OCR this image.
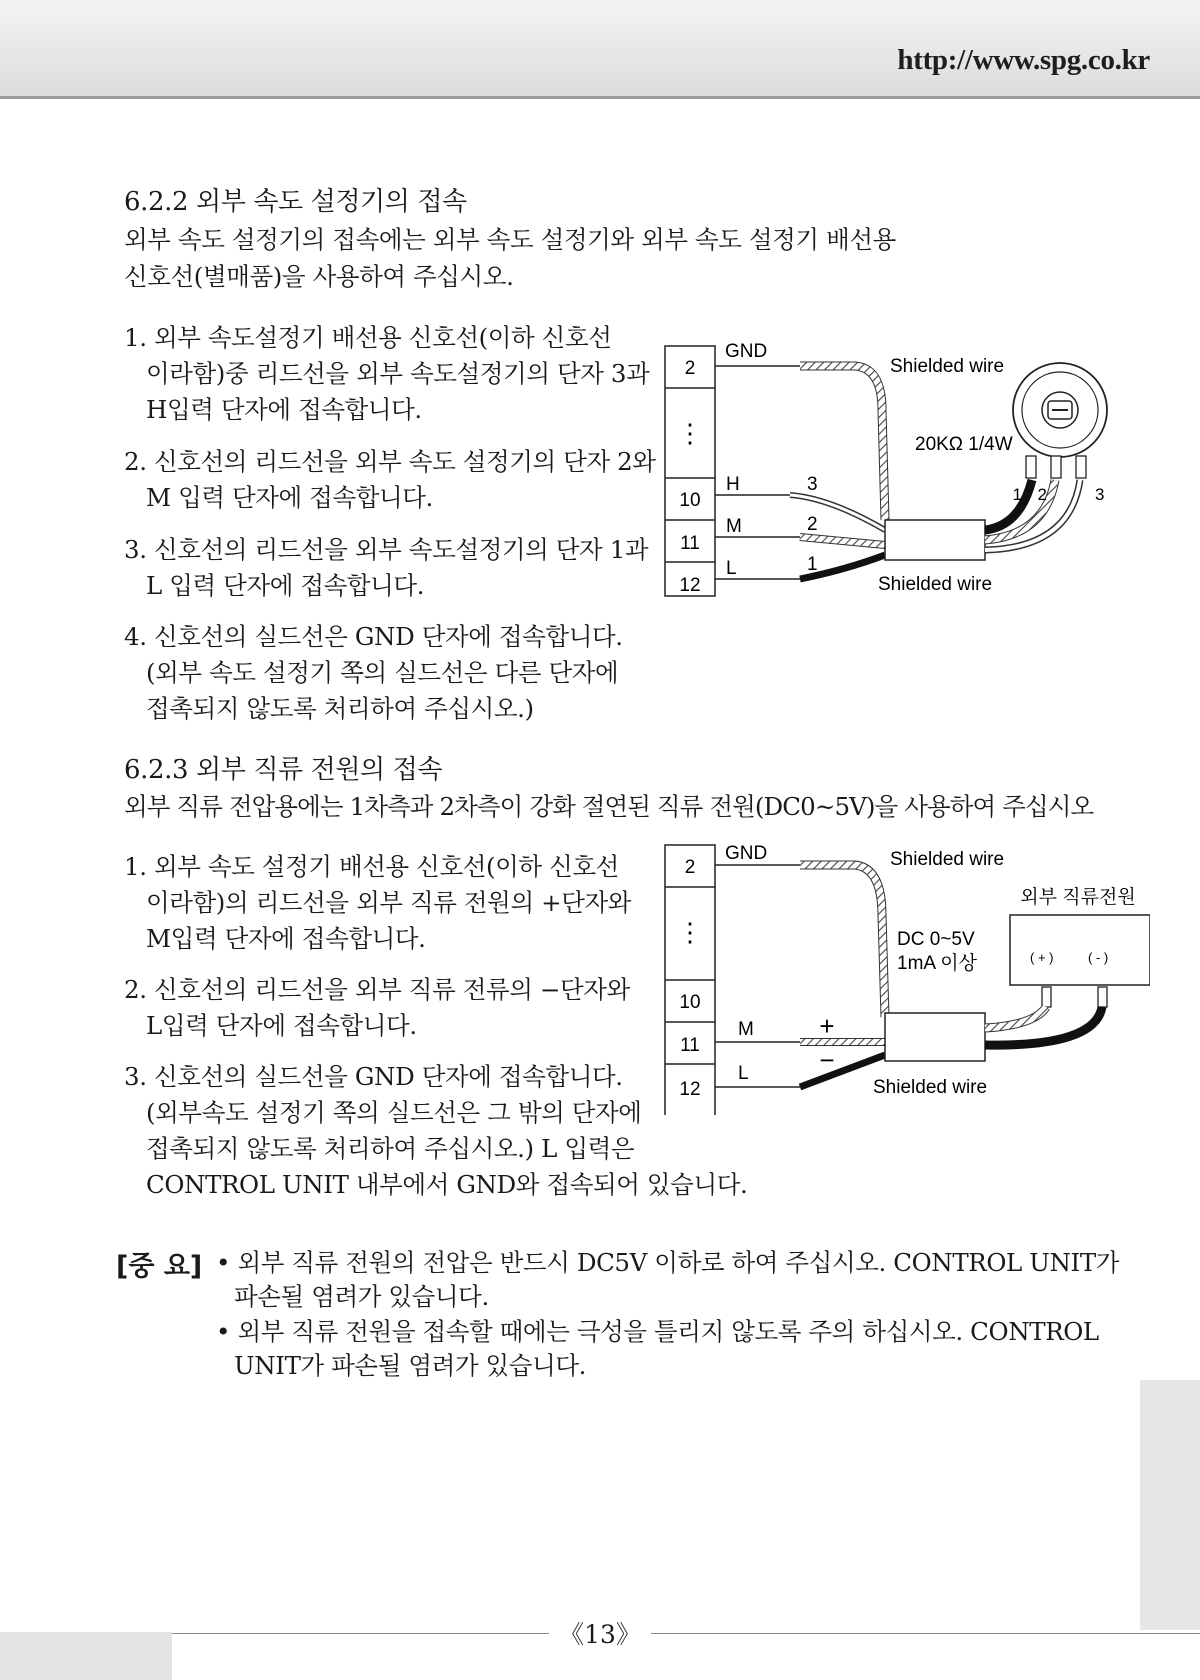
http://www.spg.co.kr
6.2.2 외부 속도 설정기의 접속
외부 속도 설정기의 접속에는 외부 속도 설정기와 외부 속도 설정기 배선용
신호선(별매품)을 사용하여 주십시오.
1. 외부 속도설정기 배선용 신호선(이하 신호선
이라함)중 리드선을 외부 속도설정기의 단자 3과
H입력 단자에 접속합니다.
2. 신호선의 리드선을 외부 속도 설정기의 단자 2와
M 입력 단자에 접속합니다.
3. 신호선의 리드선을 외부 속도설정기의 단자 1과
L 입력 단자에 접속합니다.
4. 신호선의 실드선은 GND 단자에 접속합니다.
(외부 속도 설정기 쪽의 실드선은 다른 단자에
접촉되지 않도록 처리하여 주십시오.)
2
⋮
10
11
12
GND
H
M
L
3
2
1
Shielded wire
Shielded wire
1 2	3
20KΩ 1/4W
6.2.3 외부 직류 전원의 접속
외부 직류 전압용에는 1차측과 2차측이 강화 절연된 직류 전원(DC0~5V)을 사용하여 주십시오
1. 외부 속도 설정기 배선용 신호선(이하 신호선
이라함)의 리드선을 외부 직류 전원의 +단자와
M입력 단자에 접속합니다.
2. 신호선의 리드선을 외부 직류 전류의 −단자와
L입력 단자에 접속합니다.
3. 신호선의 실드선을 GND 단자에 접속합니다.
(외부속도 설정기 쪽의 실드선은 그 밖의 단자에
접촉되지 않도록 처리하여 주십시오.) L 입력은
CONTROL UNIT 내부에서 GND와 접속되어 있습니다.
2
⋮
10
11
12
GND
M
L
+
−
Shielded wire
Shielded wire
DC 0~5V
1mA 이상
외부 직류전원
( + )	( - )
[중 요] • 외부 직류 전원의 전압은 반드시 DC5V 이하로 하여 주십시오. CONTROL UNIT가
파손될 염려가 있습니다.
• 외부 직류 전원을 접속할 때에는 극성을 틀리지 않도록 주의 하십시오. CONTROL
UNIT가 파손될 염려가 있습니다.
《13》
